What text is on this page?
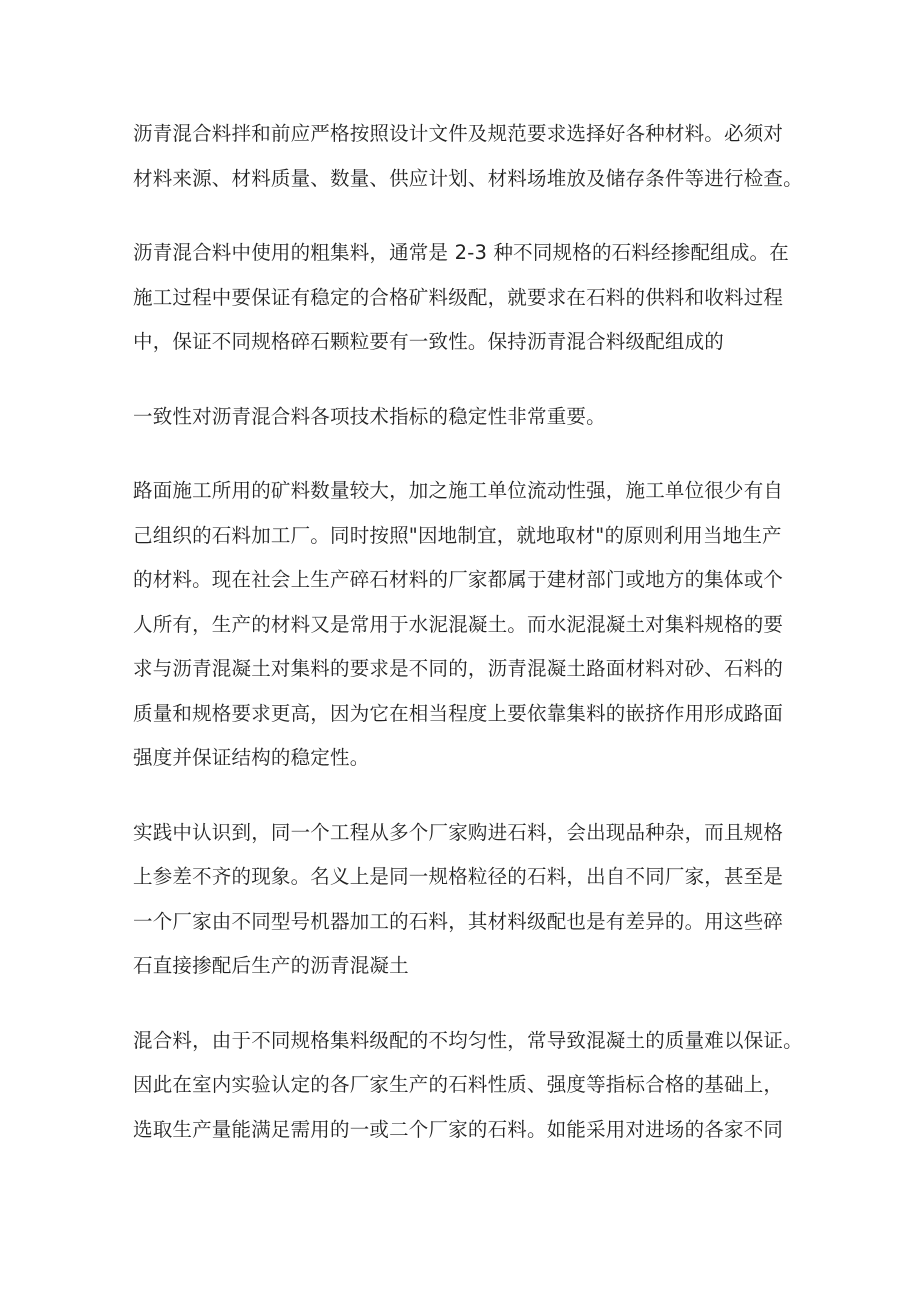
沥青混合料拌和前应严格按照设计文件及规范要求选择好各种材料。必须对
材料来源、材料质量、数量、供应计划、材料场堆放及储存条件等进行检查。

沥青混合料中使用的粗集料，通常是 2-3 种不同规格的石料经掺配组成。在
施工过程中要保证有稳定的合格矿料级配，就要求在石料的供料和收料过程
中，保证不同规格碎石颗粒要有一致性。保持沥青混合料级配组成的

一致性对沥青混合料各项技术指标的稳定性非常重要。

路面施工所用的矿料数量较大，加之施工单位流动性强，施工单位很少有自
己组织的石料加工厂。同时按照"因地制宜，就地取材"的原则利用当地生产
的材料。现在社会上生产碎石材料的厂家都属于建材部门或地方的集体或个
人所有，生产的材料又是常用于水泥混凝土。而水泥混凝土对集料规格的要
求与沥青混凝土对集料的要求是不同的，沥青混凝土路面材料对砂、石料的
质量和规格要求更高，因为它在相当程度上要依靠集料的嵌挤作用形成路面
强度并保证结构的稳定性。

实践中认识到，同一个工程从多个厂家购进石料，会出现品种杂，而且规格
上参差不齐的现象。名义上是同一规格粒径的石料，出自不同厂家，甚至是
一个厂家由不同型号机器加工的石料，其材料级配也是有差异的。用这些碎
石直接掺配后生产的沥青混凝土

混合料，由于不同规格集料级配的不均匀性，常导致混凝土的质量难以保证。
因此在室内实验认定的各厂家生产的石料性质、强度等指标合格的基础上，
选取生产量能满足需用的一或二个厂家的石料。如能采用对进场的各家不同
